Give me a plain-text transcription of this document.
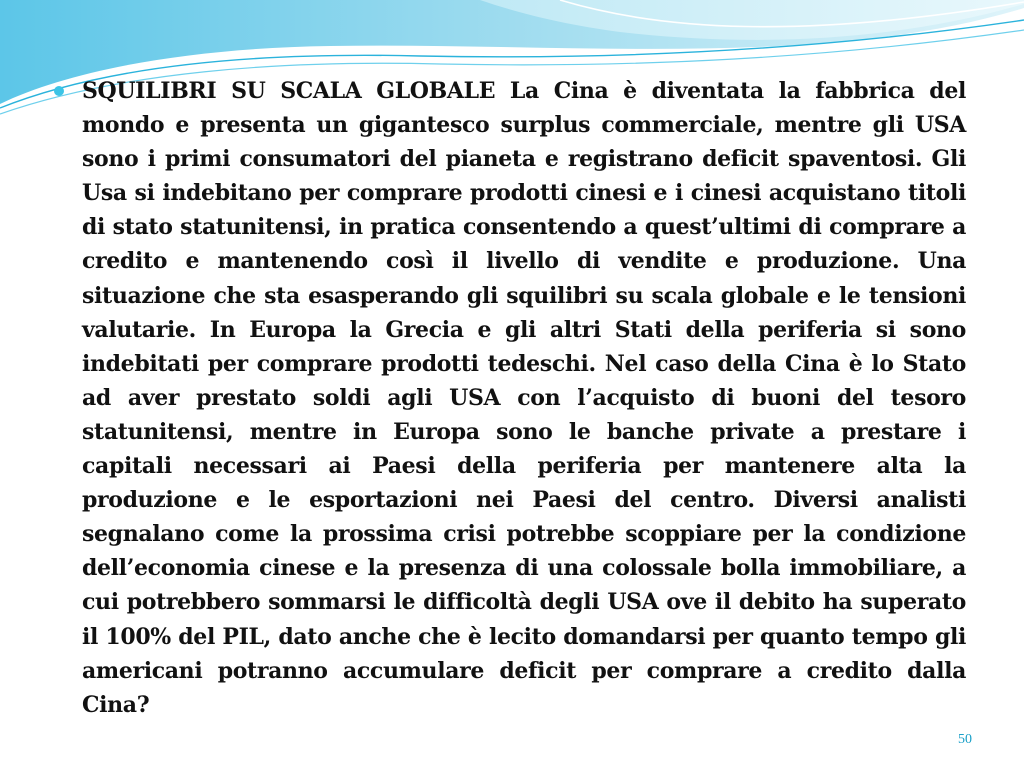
SQUILIBRI SU SCALA GLOBALE La Cina è diventata la fabbrica del mondo e presenta un gigantesco surplus commerciale, mentre gli USA sono i primi consumatori del pianeta e registrano deficit spaventosi. Gli Usa si indebitano per comprare prodotti cinesi e i cinesi acquistano titoli di stato statunitensi, in pratica consentendo a quest’ultimi di comprare a credito e mantenendo così il livello di vendite e produzione. Una situazione che sta esasperando gli squilibri su scala globale e le tensioni valutarie. In Europa la Grecia e gli altri Stati della periferia si sono indebitati per comprare prodotti tedeschi. Nel caso della Cina è lo Stato ad aver prestato soldi agli USA con l’acquisto di buoni del tesoro statunitensi, mentre in Europa sono le banche private a prestare i capitali necessari ai Paesi della periferia per mantenere alta la produzione e le esportazioni nei Paesi del centro. Diversi analisti segnalano come la prossima crisi potrebbe scoppiare per la condizione dell’economia cinese e la presenza di una colossale bolla immobiliare, a cui potrebbero sommarsi le difficoltà degli USA ove il debito ha superato il 100% del PIL, dato anche che è lecito domandarsi per quanto tempo gli americani potranno accumulare deficit per comprare a credito dalla Cina?

50
